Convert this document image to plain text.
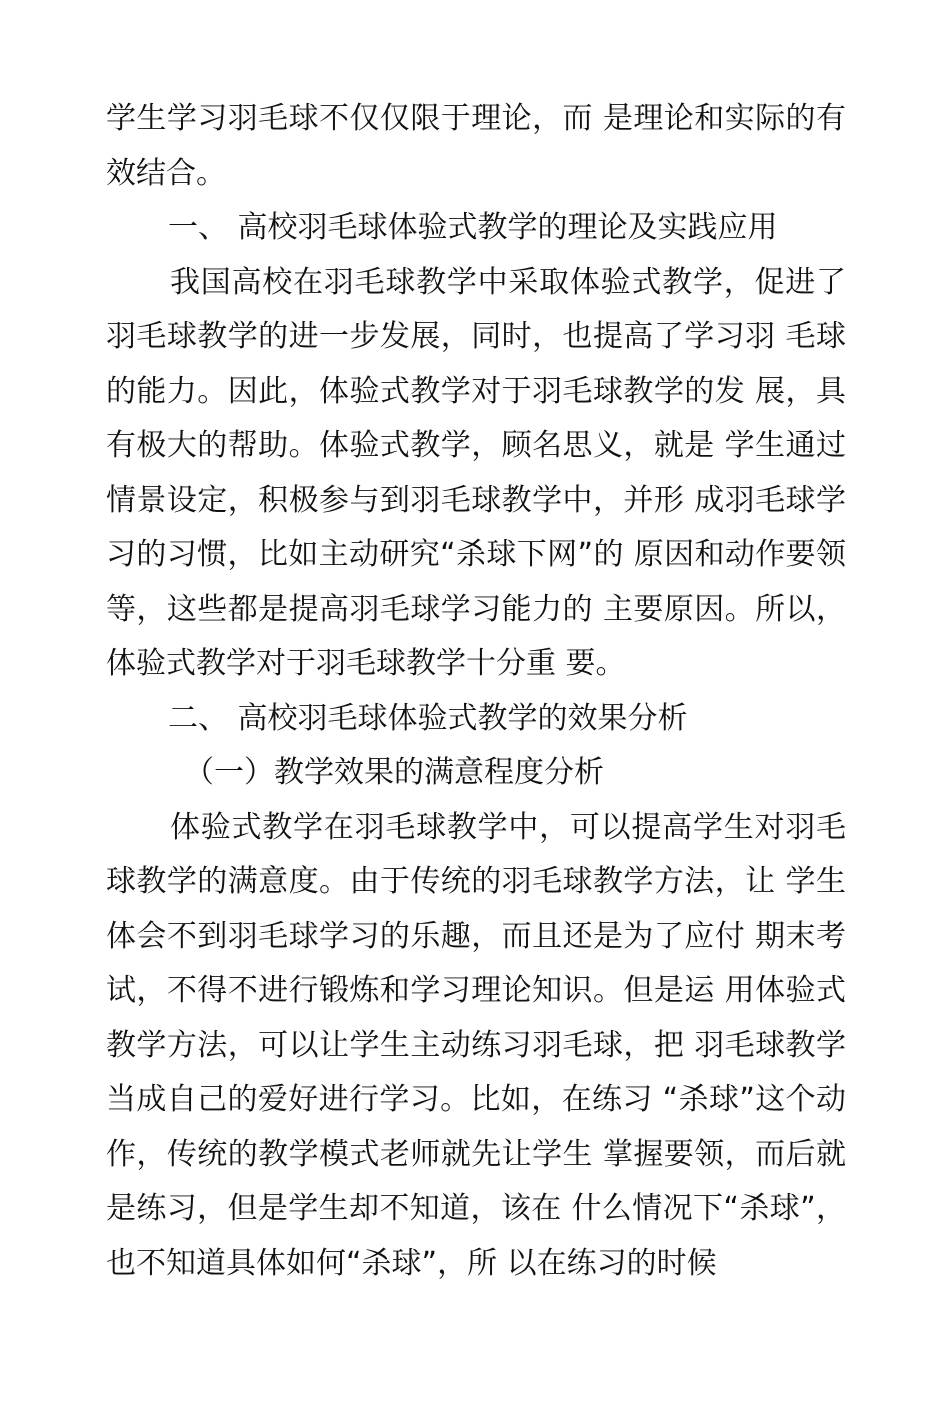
学生学习羽毛球不仅仅限于理论，而 是理论和实际的有效结合。

一、 高校羽毛球体验式教学的理论及实践应用

我国高校在羽毛球教学中采取体验式教学，促进了羽毛球教学的进一步发展，同时，也提高了学习羽 毛球的能力。因此，体验式教学对于羽毛球教学的发 展，具有极大的帮助。体验式教学，顾名思义，就是 学生通过情景设定，积极参与到羽毛球教学中，并形 成羽毛球学习的习惯，比如主动研究“杀球下网”的 原因和动作要领等，这些都是提高羽毛球学习能力的 主要原因。所以，体验式教学对于羽毛球教学十分重 要。

二、 高校羽毛球体验式教学的效果分析

（一）教学效果的满意程度分析

体验式教学在羽毛球教学中，可以提高学生对羽毛球教学的满意度。由于传统的羽毛球教学方法，让 学生体会不到羽毛球学习的乐趣，而且还是为了应付 期末考试，不得不进行锻炼和学习理论知识。但是运 用体验式教学方法，可以让学生主动练习羽毛球，把 羽毛球教学当成自己的爱好进行学习。比如，在练习 “杀球”这个动作，传统的教学模式老师就先让学生 掌握要领，而后就是练习，但是学生却不知道，该在 什么情况下“杀球”，也不知道具体如何“杀球”，所 以在练习的时候
